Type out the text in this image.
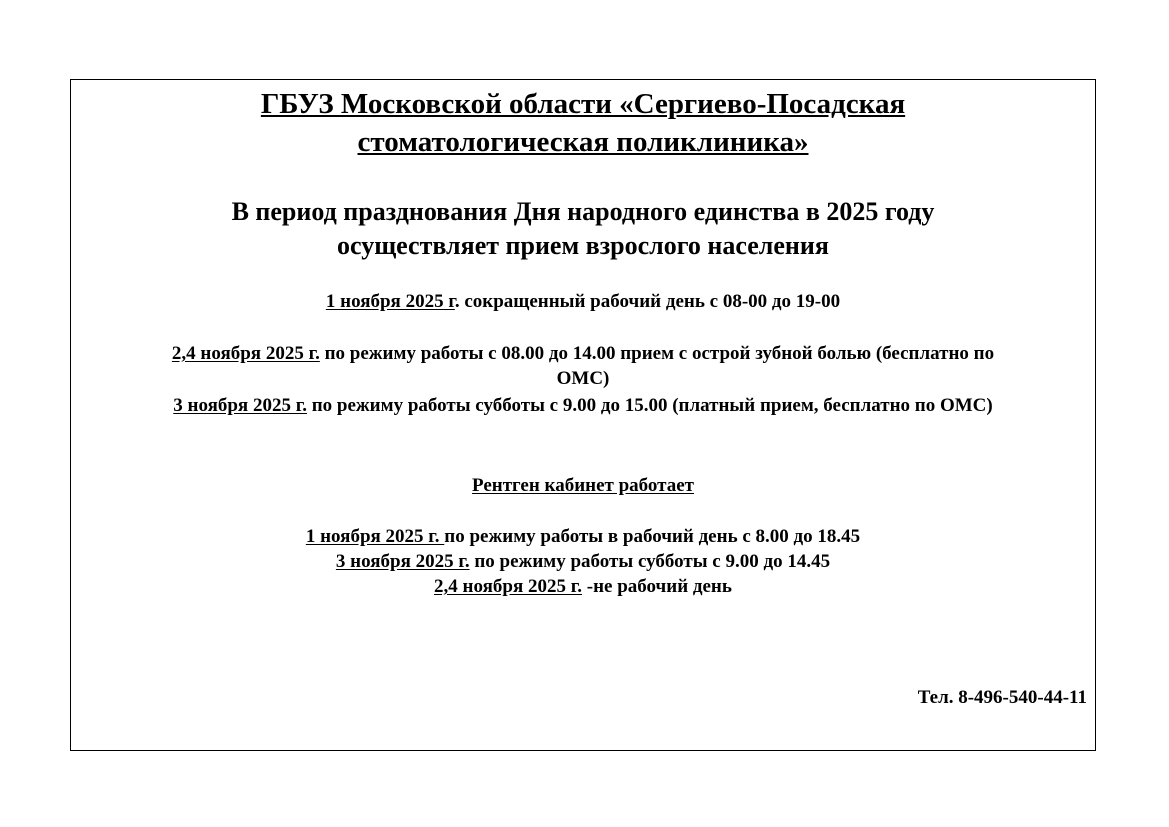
ГБУЗ Московской области «Сергиево-Посадская
стоматологическая поликлиника»
В период празднования Дня народного единства в 2025 году
осуществляет прием взрослого населения
1 ноября 2025 г. сокращенный рабочий день с 08-00 до 19-00
2,4 ноября 2025 г. по режиму работы с 08.00 до 14.00 прием с острой зубной болью (бесплатно по
ОМС)
3 ноября 2025 г. по режиму работы субботы с 9.00 до 15.00 (платный прием, бесплатно по ОМС)
Рентген кабинет работает
1 ноября 2025 г. по режиму работы в рабочий день с 8.00 до 18.45
3 ноября 2025 г. по режиму работы субботы с 9.00 до 14.45
2,4 ноября 2025 г. -не рабочий день
Тел. 8-496-540-44-11
